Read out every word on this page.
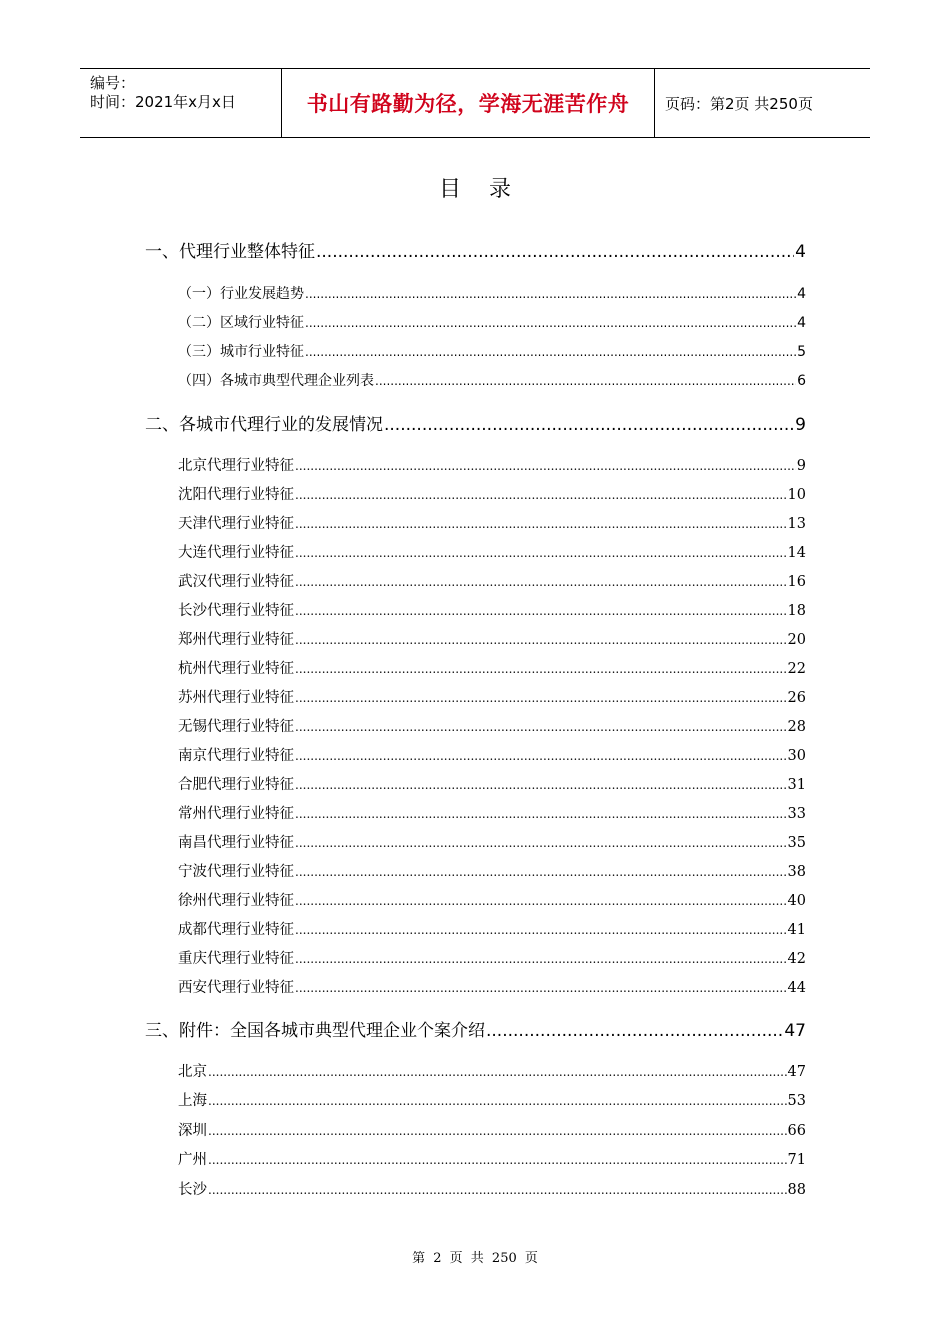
编号：
时间：2021年x月x日	书山有路勤为径，学海无涯苦作舟 页码：第2页 共250页
目录
一、代理行业整体特征 .....	4
（一）行业发展趋势 .....	4
（二）区域行业特征 .....	4
（三）城市行业特征 .....	5
（四）各城市典型代理企业列表 .....	6
二、各城市代理行业的发展情况 .....	9
北京代理行业特征 .....	9
沈阳代理行业特征 .....	10
天津代理行业特征 .....	13
大连代理行业特征 .....	14
武汉代理行业特征 .....	16
长沙代理行业特征 .....	18
郑州代理行业特征 .....	20
杭州代理行业特征 .....	22
苏州代理行业特征 .....	26
无锡代理行业特征 .....	28
南京代理行业特征 .....	30
合肥代理行业特征 .....	31
常州代理行业特征 .....	33
南昌代理行业特征 .....	35
宁波代理行业特征 .....	38
徐州代理行业特征 .....	40
成都代理行业特征 .....	41
重庆代理行业特征 .....	42
西安代理行业特征 .....	44
三、附件：全国各城市典型代理企业个案介绍 .....	47
北京 .....	47
上海 .....	53
深圳 .....	66
广州 .....	71
长沙 .....	88
第 2 页 共 250 页
